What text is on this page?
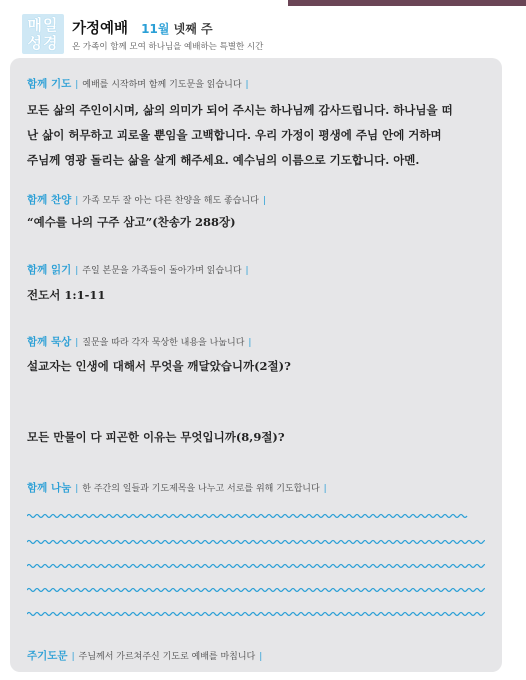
매일
성경
가정예배 11월 넷째 주
온 가족이 함께 모여 하나님을 예배하는 특별한 시간
함께 기도 | 예배를 시작하며 함께 기도문을 읽습니다 |
모든 삶의 주인이시며, 삶의 의미가 되어 주시는 하나님께 감사드립니다. 하나님을 떠
난 삶이 허무하고 괴로울 뿐임을 고백합니다. 우리 가정이 평생에 주님 안에 거하며
주님께 영광 돌리는 삶을 살게 해주세요. 예수님의 이름으로 기도합니다. 아멘.
함께 찬양 | 가족 모두 잘 아는 다른 찬양을 해도 좋습니다 |
“예수를 나의 구주 삼고”(찬송가 288장)
함께 읽기 | 주일 본문을 가족들이 돌아가며 읽습니다 |
전도서 1:1-11
함께 묵상 | 질문을 따라 각자 묵상한 내용을 나눕니다 |
설교자는 인생에 대해서 무엇을 깨달았습니까(2절)?
모든 만물이 다 피곤한 이유는 무엇입니까(8,9절)?
함께 나눔 | 한 주간의 일들과 기도제목을 나누고 서로를 위해 기도합니다 |
주기도문 | 주님께서 가르쳐주신 기도로 예배를 마칩니다 |
